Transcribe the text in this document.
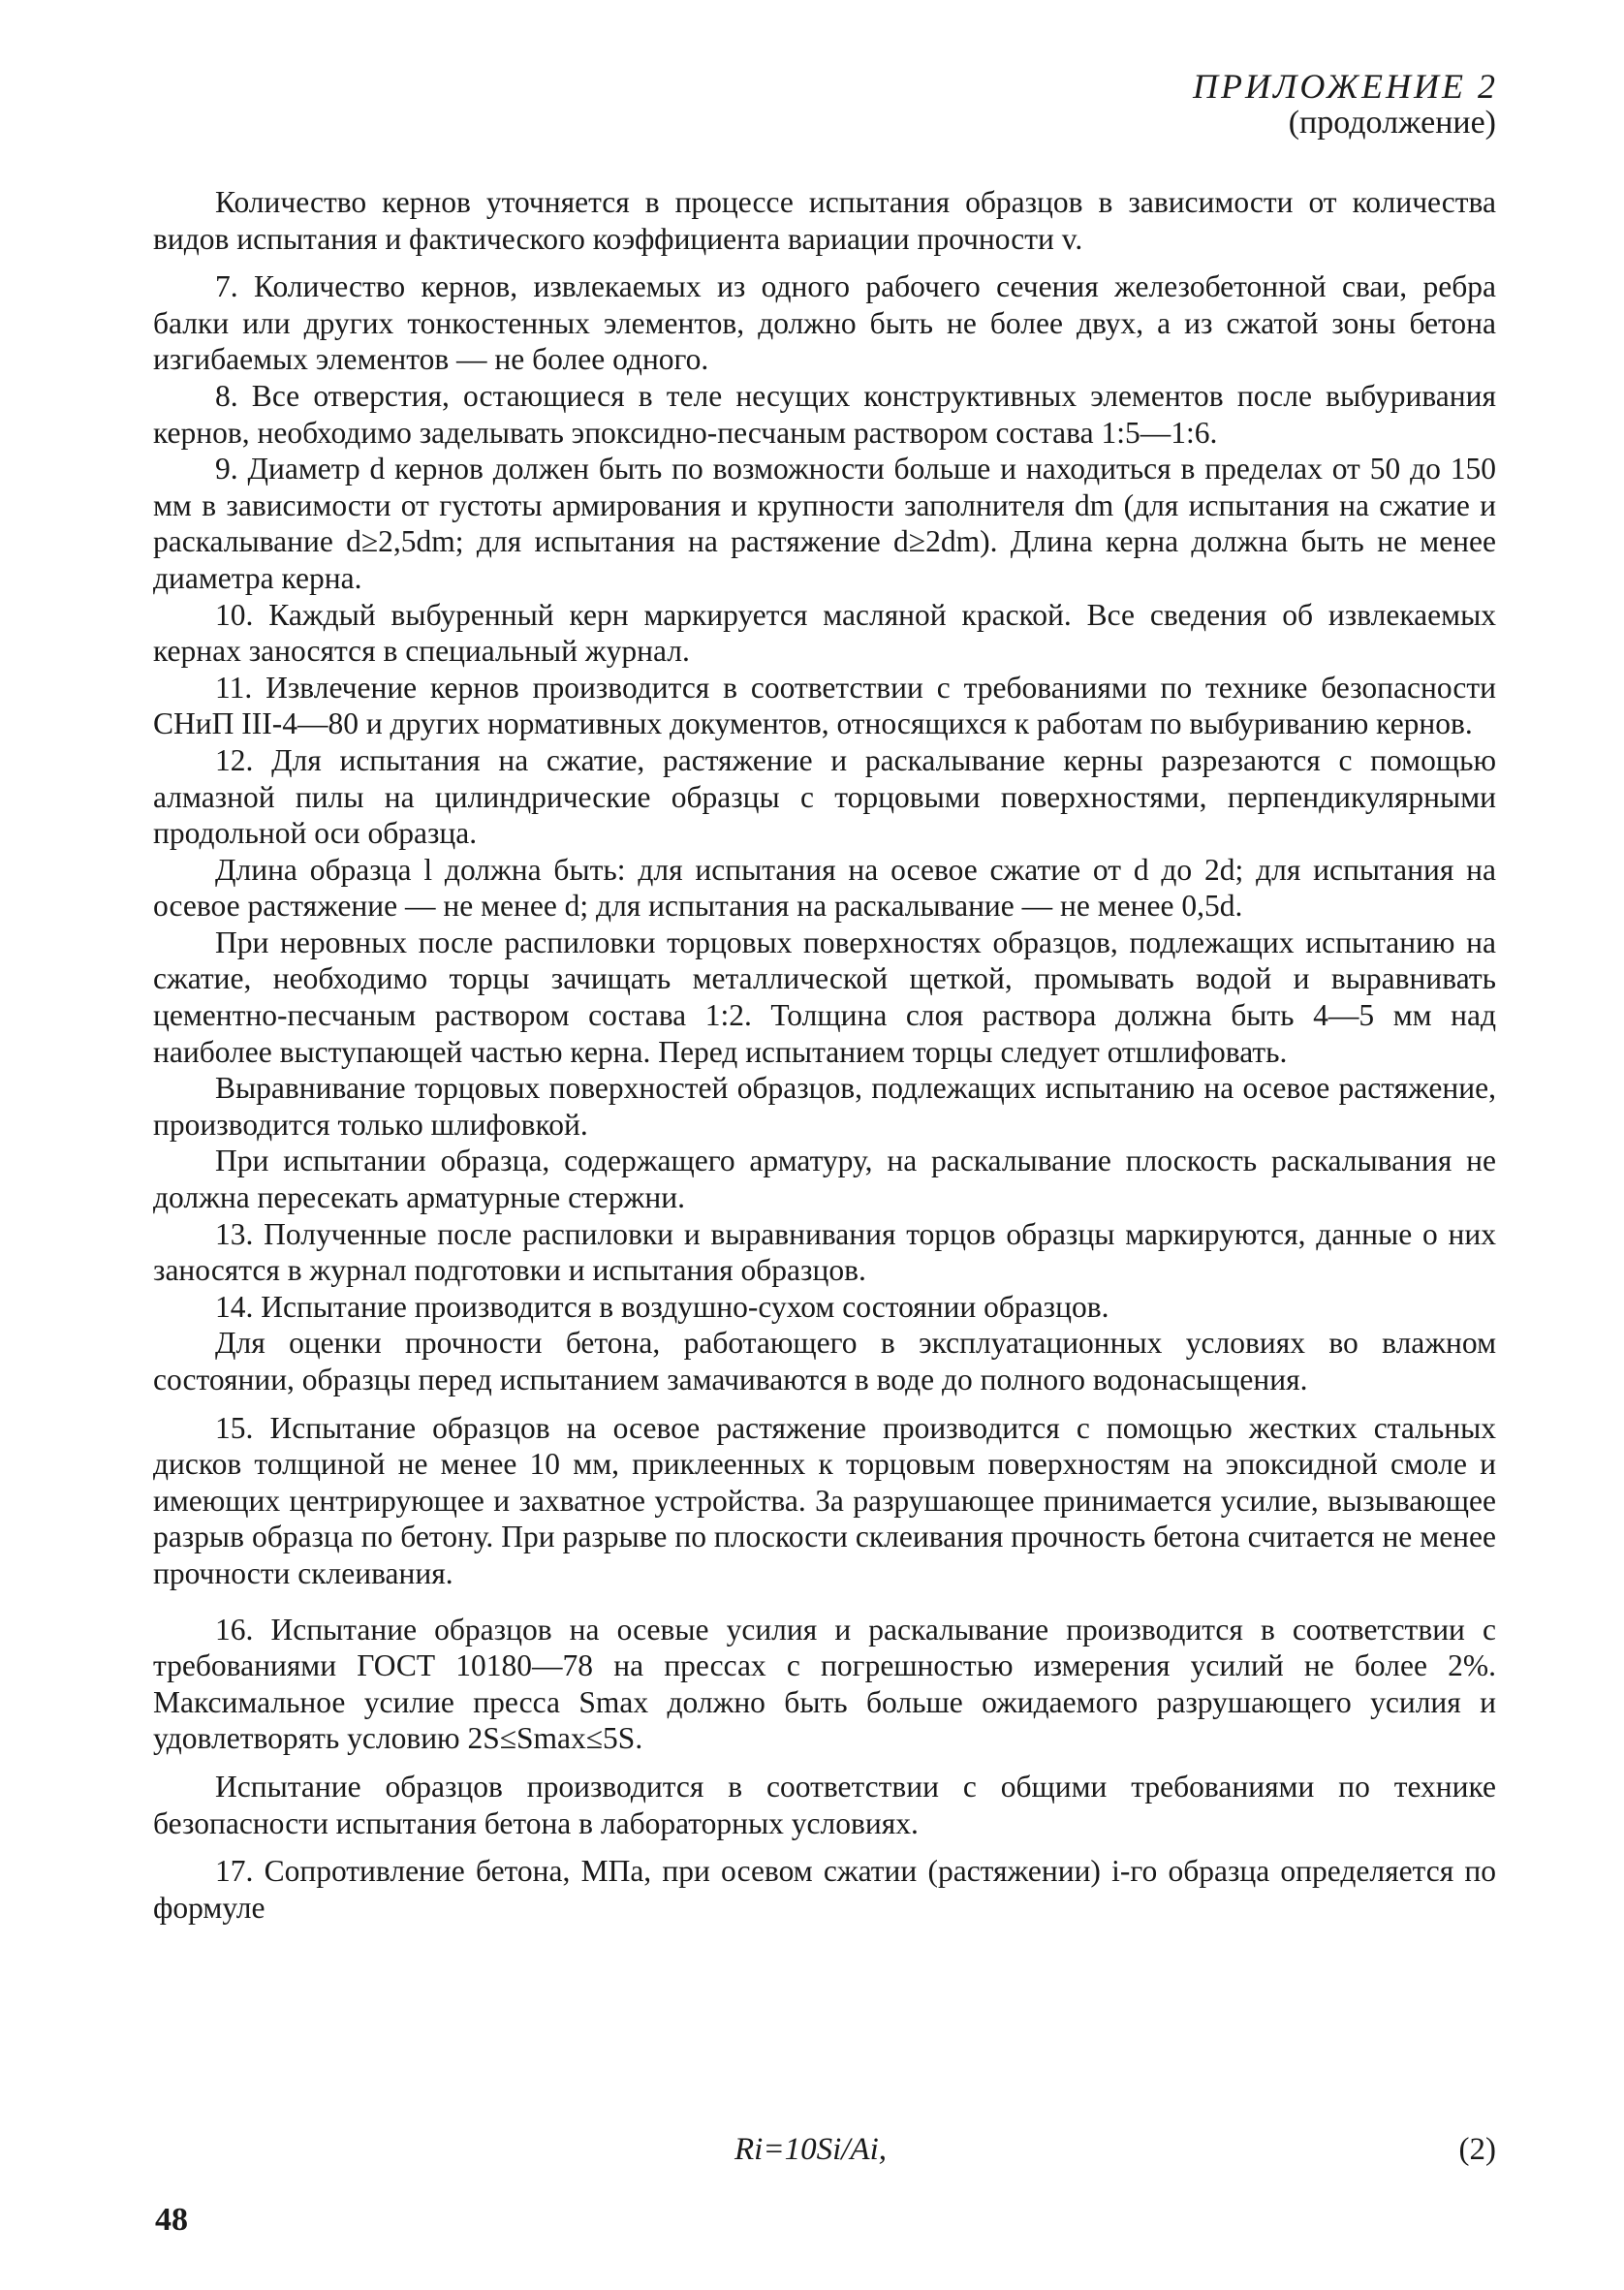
ПРИЛОЖЕНИЕ 2
(продолжение)

Количество кернов уточняется в процессе испытания образцов в зависимости от количества видов испытания и фактического коэффициента вариации прочности v.

7. Количество кернов, извлекаемых из одного рабочего сечения железобетонной сваи, ребра балки или других тонкостенных элементов, должно быть не более двух, а из сжатой зоны бетона изгибаемых элементов — не более одного.

8. Все отверстия, остающиеся в теле несущих конструктивных элементов после выбуривания кернов, необходимо заделывать эпоксидно-песчаным раствором состава 1:5—1:6.

9. Диаметр d кернов должен быть по возможности больше и находиться в пределах от 50 до 150 мм в зависимости от густоты армирования и крупности заполнителя dm (для испытания на сжатие и раскалывание d≥2,5dm; для испытания на растяжение d≥2dm). Длина керна должна быть не менее диаметра керна.

10. Каждый выбуренный керн маркируется масляной краской. Все сведения об извлекаемых кернах заносятся в специальный журнал.

11. Извлечение кернов производится в соответствии с требованиями по технике безопасности СНиП III-4—80 и других нормативных документов, относящихся к работам по выбуриванию кернов.

12. Для испытания на сжатие, растяжение и раскалывание керны разрезаются с помощью алмазной пилы на цилиндрические образцы с торцовыми поверхностями, перпендикулярными продольной оси образца.

Длина образца l должна быть: для испытания на осевое сжатие от d до 2d; для испытания на осевое растяжение — не менее d; для испытания на раскалывание — не менее 0,5d.

При неровных после распиловки торцовых поверхностях образцов, подлежащих испытанию на сжатие, необходимо торцы зачищать металлической щеткой, промывать водой и выравнивать цементно-песчаным раствором состава 1:2. Толщина слоя раствора должна быть 4—5 мм над наиболее выступающей частью керна. Перед испытанием торцы следует отшлифовать.

Выравнивание торцовых поверхностей образцов, подлежащих испытанию на осевое растяжение, производится только шлифовкой.

При испытании образца, содержащего арматуру, на раскалывание плоскость раскалывания не должна пересекать арматурные стержни.

13. Полученные после распиловки и выравнивания торцов образцы маркируются, данные о них заносятся в журнал подготовки и испытания образцов.

14. Испытание производится в воздушно-сухом состоянии образцов.

Для оценки прочности бетона, работающего в эксплуатационных условиях во влажном состоянии, образцы перед испытанием замачиваются в воде до полного водонасыщения.

15. Испытание образцов на осевое растяжение производится с помощью жестких стальных дисков толщиной не менее 10 мм, приклеенных к торцовым поверхностям на эпоксидной смоле и имеющих центрирующее и захватное устройства. За разрушающее принимается усилие, вызывающее разрыв образца по бетону. При разрыве по плоскости склеивания прочность бетона считается не менее прочности склеивания.

16. Испытание образцов на осевые усилия и раскалывание производится в соответствии с требованиями ГОСТ 10180—78 на прессах с погрешностью измерения усилий не более 2%. Максимальное усилие пресса Smax должно быть больше ожидаемого разрушающего усилия и удовлетворять условию 2S≤Smax≤5S.

Испытание образцов производится в соответствии с общими требованиями по технике безопасности испытания бетона в лабораторных условиях.

17. Сопротивление бетона, МПа, при осевом сжатии (растяжении) i-го образца определяется по формуле

Ri=10Si/Ai,	(2)
48
